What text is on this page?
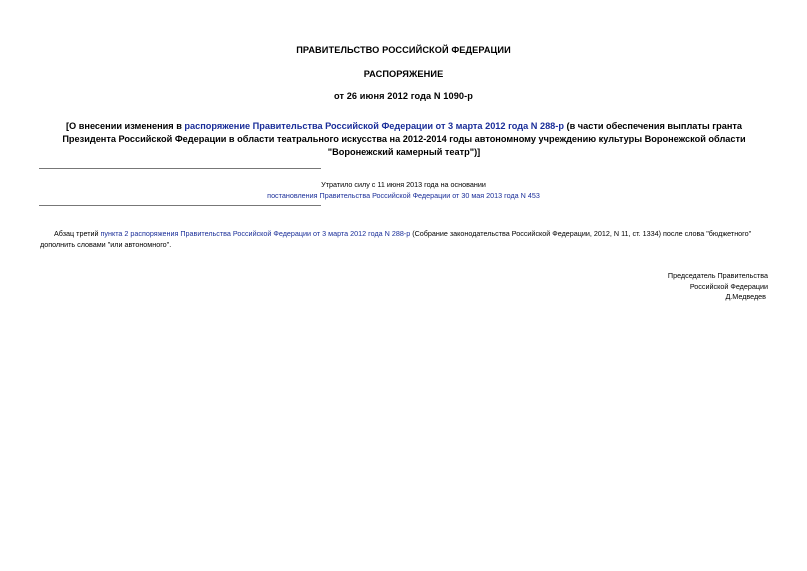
ПРАВИТЕЛЬСТВО РОССИЙСКОЙ ФЕДЕРАЦИИ
РАСПОРЯЖЕНИЕ
от 26 июня 2012 года N 1090-р
[О внесении изменения в распоряжение Правительства Российской Федерации от 3 марта 2012 года N 288-р (в части обеспечения выплаты гранта Президента Российской Федерации в области театрального искусства на 2012-2014 годы автономному учреждению культуры Воронежской области "Воронежский камерный театр")]
Утратило силу с 11 июня 2013 года на основании
постановления Правительства Российской Федерации от 30 мая 2013 года N 453
Абзац третий пункта 2 распоряжения Правительства Российской Федерации от 3 марта 2012 года N 288-р (Собрание законодательства Российской Федерации, 2012, N 11, ст. 1334) после слова "бюджетного" дополнить словами "или автономного".
Председатель Правительства
Российской Федерации
Д.Медведев
